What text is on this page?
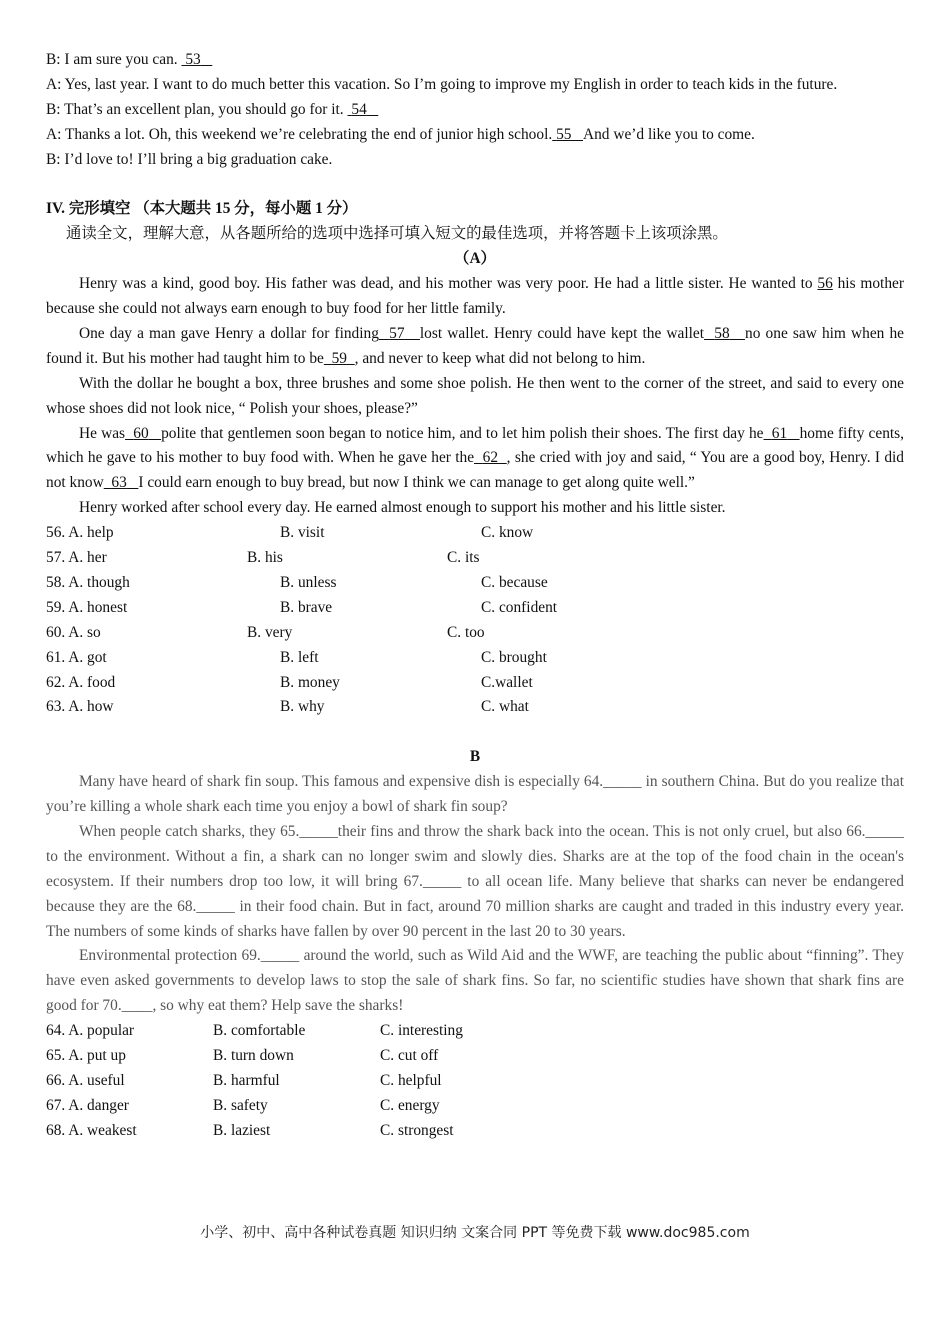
B: I am sure you can. 53
A: Yes, last year. I want to do much better this vacation. So I’m going to improve my English in order to teach kids in the future.
B: That’s an excellent plan, you should go for it. 54
A: Thanks a lot. Oh, this weekend we’re celebrating the end of junior high school. 55 And we’d like you to come.
B: I’d love to! I’ll bring a big graduation cake.
IV. 完形填空 （本大题共 15 分，每小题 1 分）
通读全文，理解大意，从各题所给的选项中选择可填入短文的最佳选项，并将答题卡上该项涂黑。
（A）
Henry was a kind, good boy. His father was dead, and his mother was very poor. He had a little sister. He wanted to 56 his mother because she could not always earn enough to buy food for her little family.
One day a man gave Henry a dollar for finding 57 lost wallet. Henry could have kept the wallet 58 no one saw him when he found it. But his mother had taught him to be 59 , and never to keep what did not belong to him.
With the dollar he bought a box, three brushes and some shoe polish. He then went to the corner of the street, and said to every one whose shoes did not look nice, “ Polish your shoes, please?”
He was 60 polite that gentlemen soon began to notice him, and to let him polish their shoes. The first day he 61 home fifty cents, which he gave to his mother to buy food with. When he gave her the 62 , she cried with joy and said, “ You are a good boy, Henry. I did not know 63 I could earn enough to buy bread, but now I think we can manage to get along quite well.”
Henry worked after school every day. He earned almost enough to support his mother and his little sister.
56. A. help	B. visit	C. know
57. A. her	B. his	C. its
58. A. though	B. unless	C. because
59. A. honest	B. brave	C. confident
60. A. so	B. very	C. too
61. A. got	B. left	C. brought
62. A. food	B. money	C.wallet
63. A. how	B. why	C. what
B
Many have heard of shark fin soup. This famous and expensive dish is especially 64._____ in southern China. But do you realize that you’re killing a whole shark each time you enjoy a bowl of shark fin soup?
When people catch sharks, they 65._____their fins and throw the shark back into the ocean. This is not only cruel, but also 66._____ to the environment. Without a fin, a shark can no longer swim and slowly dies. Sharks are at the top of the food chain in the ocean's ecosystem. If their numbers drop too low, it will bring 67._____ to all ocean life. Many believe that sharks can never be endangered because they are the 68._____ in their food chain. But in fact, around 70 million sharks are caught and traded in this industry every year. The numbers of some kinds of sharks have fallen by over 90 percent in the last 20 to 30 years.
Environmental protection 69._____ around the world, such as Wild Aid and the WWF, are teaching the public about “finning”. They have even asked governments to develop laws to stop the sale of shark fins. So far, no scientific studies have shown that shark fins are good for 70.____, so why eat them? Help save the sharks!
64. A. popular	B. comfortable	C. interesting
65. A. put up	B. turn down	C. cut off
66. A. useful	B. harmful	C. helpful
67. A. danger	B. safety	C. energy
68. A. weakest	B. laziest	C. strongest
小学、初中、高中各种试卷真题 知识归纳 文案合同 PPT 等免费下载 www.doc985.com
